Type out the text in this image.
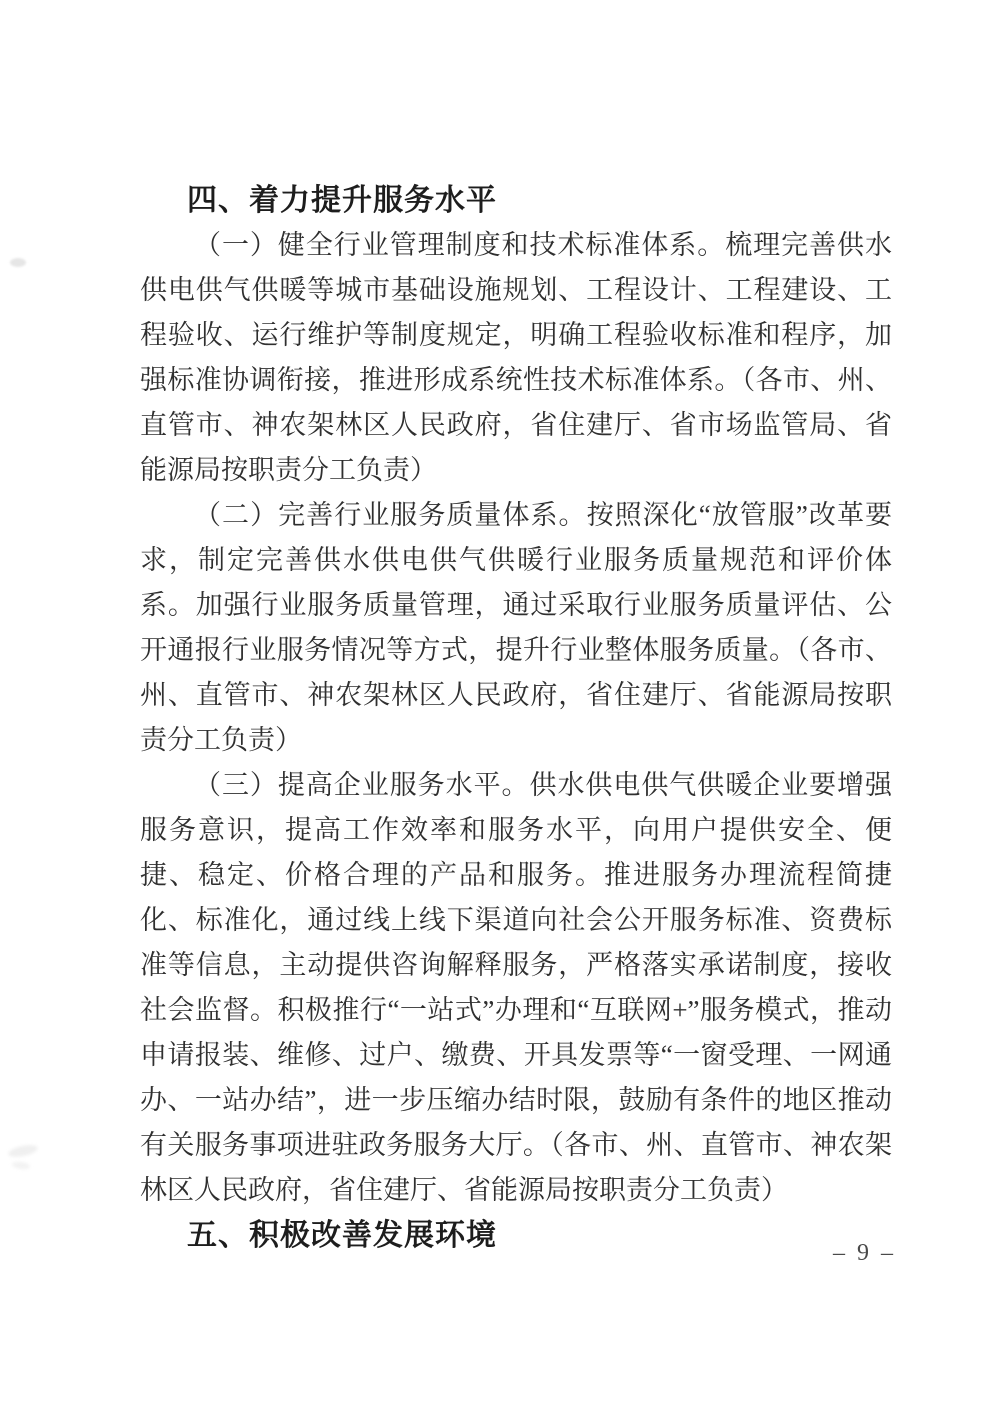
四、着力提升服务水平

（一）健全行业管理制度和技术标准体系。梳理完善供水供电供气供暖等城市基础设施规划、工程设计、工程建设、工程验收、运行维护等制度规定，明确工程验收标准和程序，加强标准协调衔接，推进形成系统性技术标准体系。（各市、州、直管市、神农架林区人民政府，省住建厅、省市场监管局、省能源局按职责分工负责）

（二）完善行业服务质量体系。按照深化“放管服”改革要求，制定完善供水供电供气供暖行业服务质量规范和评价体系。加强行业服务质量管理，通过采取行业服务质量评估、公开通报行业服务情况等方式，提升行业整体服务质量。（各市、州、直管市、神农架林区人民政府，省住建厅、省能源局按职责分工负责）

（三）提高企业服务水平。供水供电供气供暖企业要增强服务意识，提高工作效率和服务水平，向用户提供安全、便捷、稳定、价格合理的产品和服务。推进服务办理流程简捷化、标准化，通过线上线下渠道向社会公开服务标准、资费标准等信息，主动提供咨询解释服务，严格落实承诺制度，接收社会监督。积极推行“一站式”办理和“互联网+”服务模式，推动申请报装、维修、过户、缴费、开具发票等“一窗受理、一网通办、一站办结”，进一步压缩办结时限，鼓励有条件的地区推动有关服务事项进驻政务服务大厅。（各市、州、直管市、神农架林区人民政府，省住建厅、省能源局按职责分工负责）

五、积极改善发展环境
– 9 –
